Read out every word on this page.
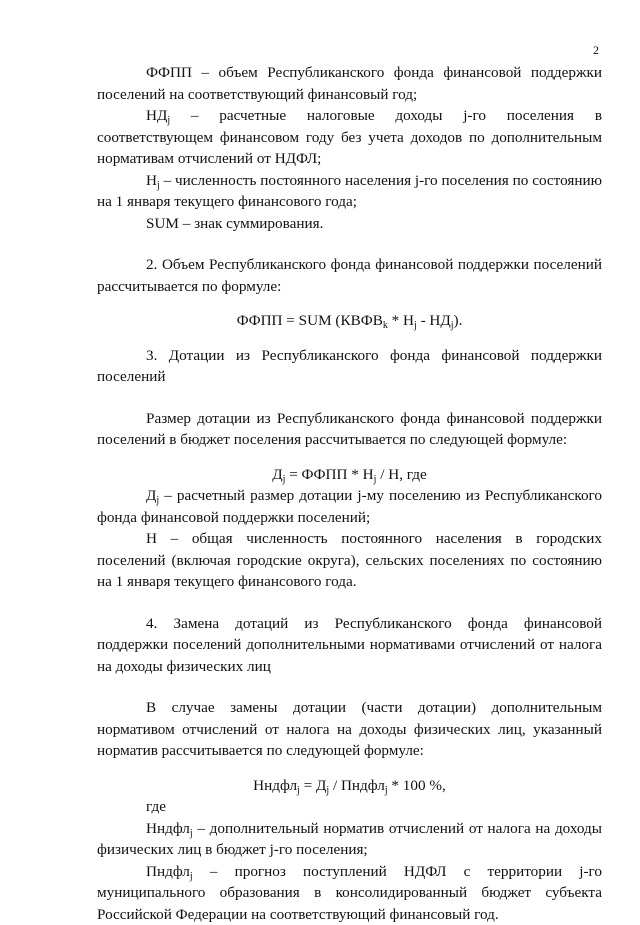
2

ФФПП – объем Республиканского фонда финансовой поддержки поселений на соответствующий финансовый год;

$НД_j$ – расчетные налоговые доходы j-го поселения в соответствующем финансовом году без учета доходов по дополнительным нормативам отчислений от НДФЛ;

$Н_j$ – численность постоянного населения j-го поселения по состоянию на 1 января текущего финансового года;

SUM – знак суммирования.

2. Объем Республиканского фонда финансовой поддержки поселений рассчитывается по формуле:

ФФПП = SUM $(КВФВ_k * Н_j - НД_j)$.

3. Дотации из Республиканского фонда финансовой поддержки поселений

Размер дотации из Республиканского фонда финансовой поддержки поселений в бюджет поселения рассчитывается по следующей формуле:

$Д_j$ = ФФПП * $Н_j$ / Н, где

$Д_j$ – расчетный размер дотации j-му поселению из Республиканского фонда финансовой поддержки поселений;

Н – общая численность постоянного населения в городских поселений (включая городские округа), сельских поселениях по состоянию на 1 января текущего финансового года.

4. Замена дотаций из Республиканского фонда финансовой поддержки поселений дополнительными нормативами отчислений от налога на доходы физических лиц

В случае замены дотации (части дотации) дополнительным нормативом отчислений от налога на доходы физических лиц, указанный норматив рассчитывается по следующей формуле:

Нндфл$_j$ = $Д_j$ / Пндфл$_j$ * 100 %,

где

Нндфл$_j$ – дополнительный норматив отчислений от налога на доходы физических лиц в бюджет j-го поселения;

Пндфл$_j$ – прогноз поступлений НДФЛ с территории j-го муниципального образования в консолидированный бюджет субъекта Российской Федерации на соответствующий финансовый год.
